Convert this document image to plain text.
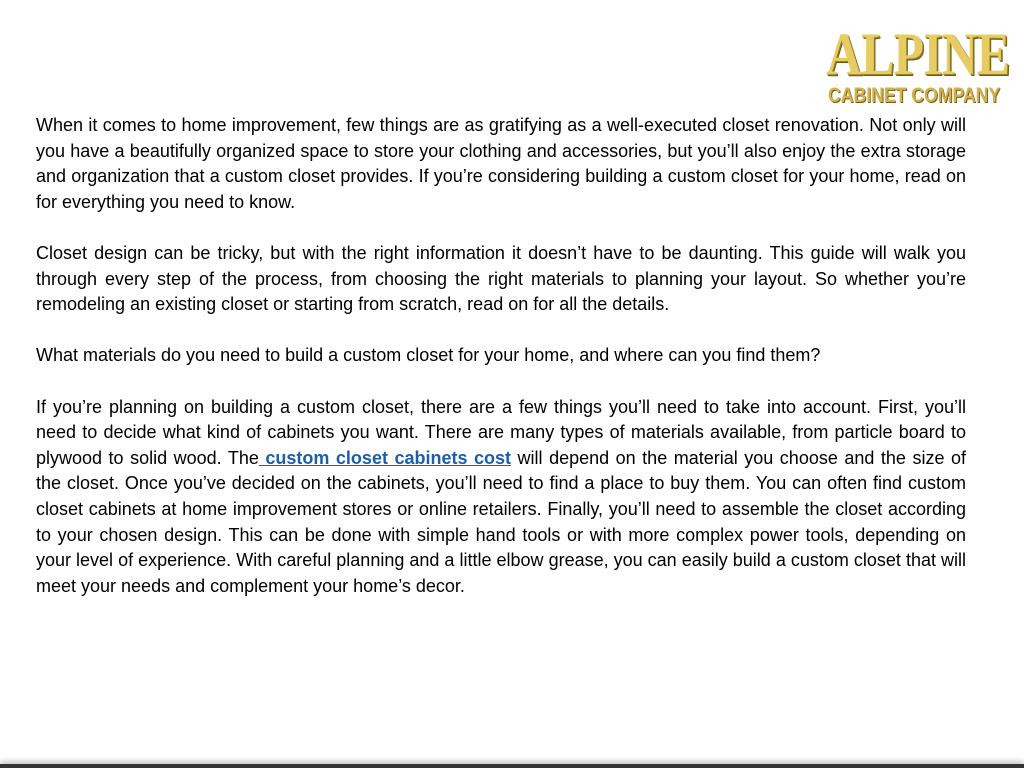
ALPINE
CABINET COMPANY

When it comes to home improvement, few things are as gratifying as a well-executed closet renovation. Not only will you have a beautifully organized space to store your clothing and accessories, but you’ll also enjoy the extra storage and organization that a custom closet provides. If you’re considering building a custom closet for your home, read on for everything you need to know.

Closet design can be tricky, but with the right information it doesn’t have to be daunting. This guide will walk you through every step of the process, from choosing the right materials to planning your layout. So whether you’re remodeling an existing closet or starting from scratch, read on for all the details.

What materials do you need to build a custom closet for your home, and where can you find them?

If you’re planning on building a custom closet, there are a few things you’ll need to take into account. First, you’ll need to decide what kind of cabinets you want. There are many types of materials available, from particle board to plywood to solid wood. The custom closet cabinets cost will depend on the material you choose and the size of the closet. Once you’ve decided on the cabinets, you’ll need to find a place to buy them. You can often find custom closet cabinets at home improvement stores or online retailers. Finally, you’ll need to assemble the closet according to your chosen design. This can be done with simple hand tools or with more complex power tools, depending on your level of experience. With careful planning and a little elbow grease, you can easily build a custom closet that will meet your needs and complement your home’s decor.
